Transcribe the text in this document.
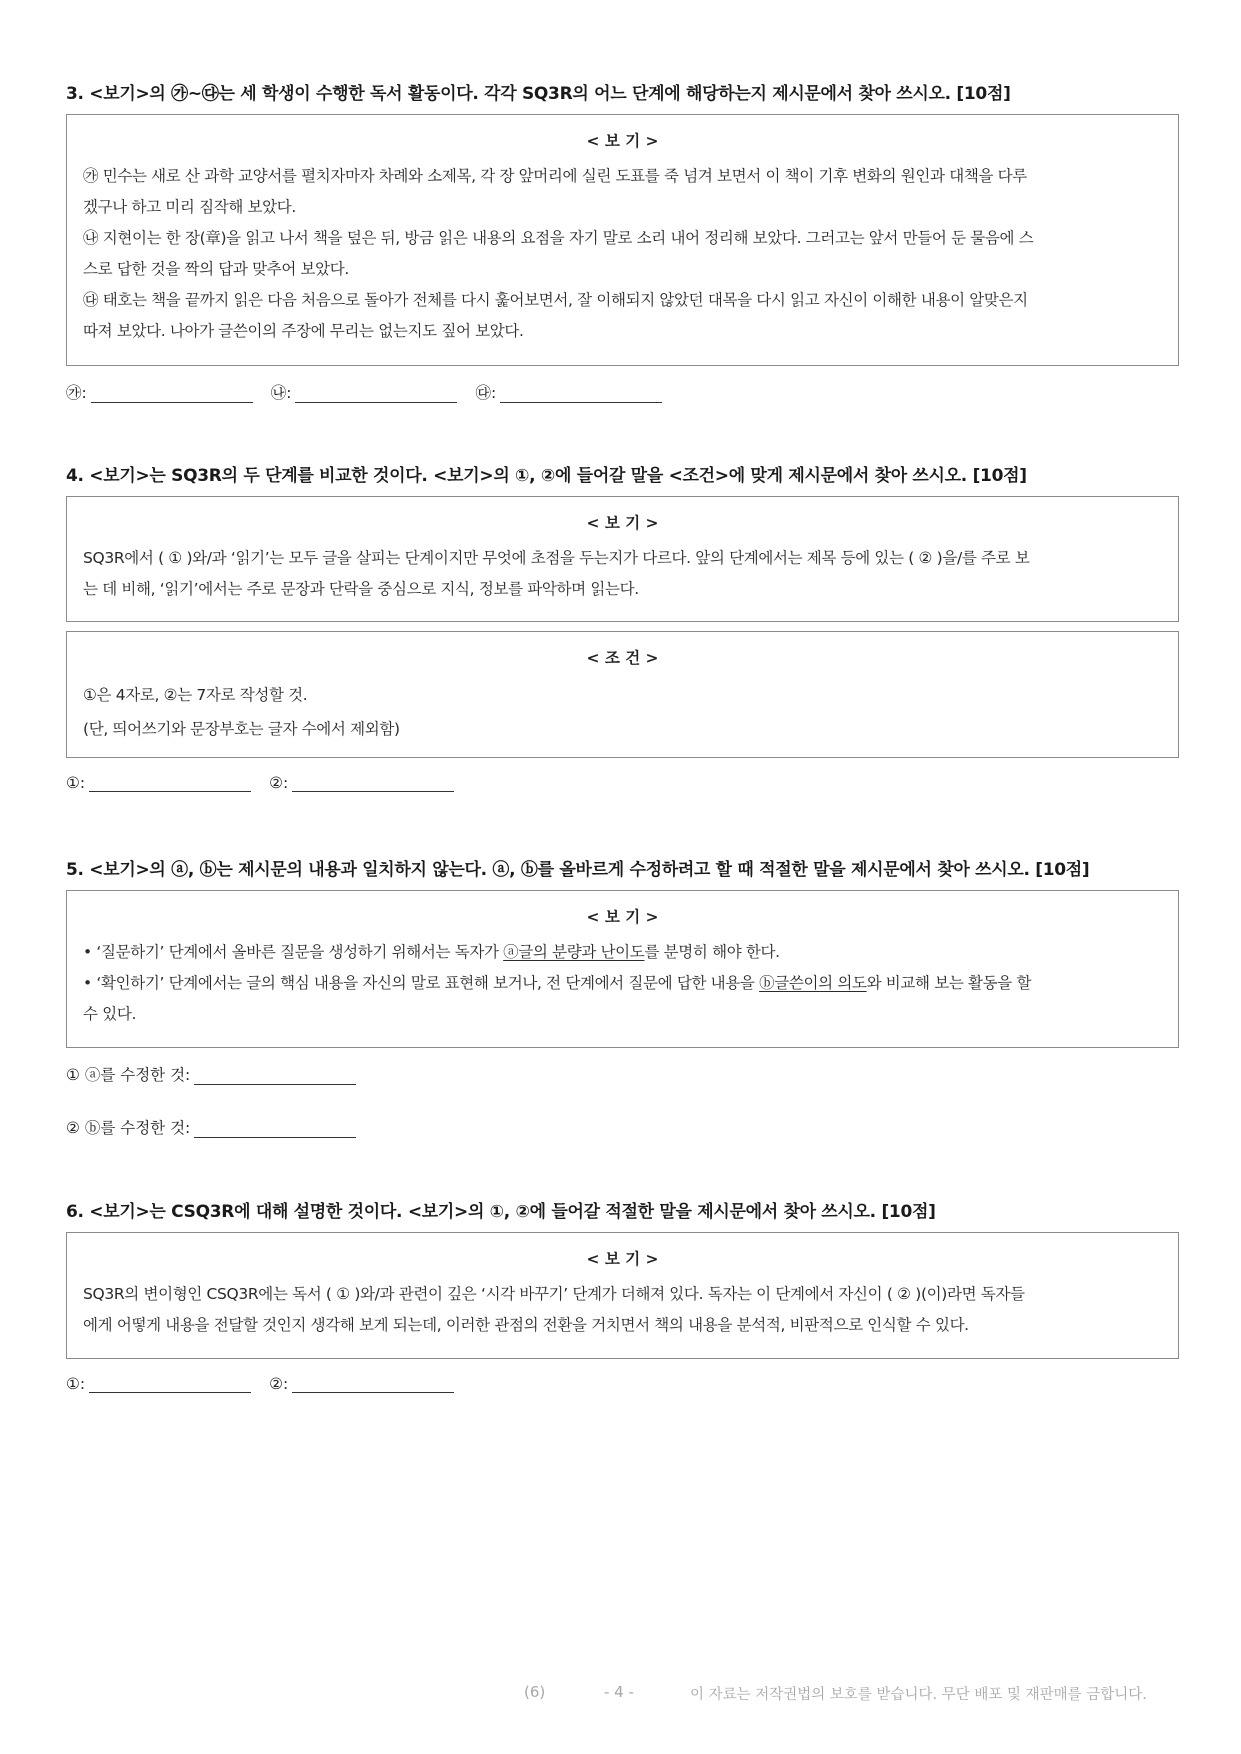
3. <보기>의 ㉮~㉰는 세 학생이 수행한 독서 활동이다. 각각 SQ3R의 어느 단계에 해당하는지 제시문에서 찾아 쓰시오. [10점]
< 보 기 >

㉮ 민수는 새로 산 과학 교양서를 펼치자마자 차례와 소제목, 각 장 앞머리에 실린 도표를 죽 넘겨 보면서 이 책이 기후 변화의 원인과 대책을 다루

겠구나 하고 미리 짐작해 보았다.

㉯ 지현이는 한 장(章)을 읽고 나서 책을 덮은 뒤, 방금 읽은 내용의 요점을 자기 말로 소리 내어 정리해 보았다. 그러고는 앞서 만들어 둔 물음에 스

스로 답한 것을 짝의 답과 맞추어 보았다.

㉰ 태호는 책을 끝까지 읽은 다음 처음으로 돌아가 전체를 다시 훑어보면서, 잘 이해되지 않았던 대목을 다시 읽고 자신이 이해한 내용이 알맞은지

따져 보았다. 나아가 글쓴이의 주장에 무리는 없는지도 짚어 보았다.

㉮:	㉯:	㉰:
4. <보기>는 SQ3R의 두 단계를 비교한 것이다. <보기>의 ①, ②에 들어갈 말을 <조건>에 맞게 제시문에서 찾아 쓰시오. [10점]
< 보 기 >

SQ3R에서 ( ① )와/과 ‘읽기’는 모두 글을 살피는 단계이지만 무엇에 초점을 두는지가 다르다. 앞의 단계에서는 제목 등에 있는 ( ② )을/를 주로 보

는 데 비해, ‘읽기’에서는 주로 문장과 단락을 중심으로 지식, 정보를 파악하며 읽는다.

< 조 건 >

①은 4자로, ②는 7자로 작성할 것.

(단, 띄어쓰기와 문장부호는 글자 수에서 제외함)

①:	②:
5. <보기>의 ⓐ, ⓑ는 제시문의 내용과 일치하지 않는다. ⓐ, ⓑ를 올바르게 수정하려고 할 때 적절한 말을 제시문에서 찾아 쓰시오. [10점]
< 보 기 >

• ‘질문하기’ 단계에서 올바른 질문을 생성하기 위해서는 독자가 ⓐ글의 분량과 난이도를 분명히 해야 한다.

• ‘확인하기’ 단계에서는 글의 핵심 내용을 자신의 말로 표현해 보거나, 전 단계에서 질문에 답한 내용을 ⓑ글쓴이의 의도와 비교해 보는 활동을 할

수 있다.

① ⓐ를 수정한 것:
② ⓑ를 수정한 것:
6. <보기>는 CSQ3R에 대해 설명한 것이다. <보기>의 ①, ②에 들어갈 적절한 말을 제시문에서 찾아 쓰시오. [10점]
< 보 기 >

SQ3R의 변이형인 CSQ3R에는 독서 ( ① )와/과 관련이 깊은 ‘시각 바꾸기’ 단계가 더해져 있다. 독자는 이 단계에서 자신이 ( ② )(이)라면 독자들

에게 어떻게 내용을 전달할 것인지 생각해 보게 되는데, 이러한 관점의 전환을 거치면서 책의 내용을 분석적, 비판적으로 인식할 수 있다.

①:	②:
(6)	- 4 -	이 자료는 저작권법의 보호를 받습니다. 무단 배포 및 재판매를 금합니다.
